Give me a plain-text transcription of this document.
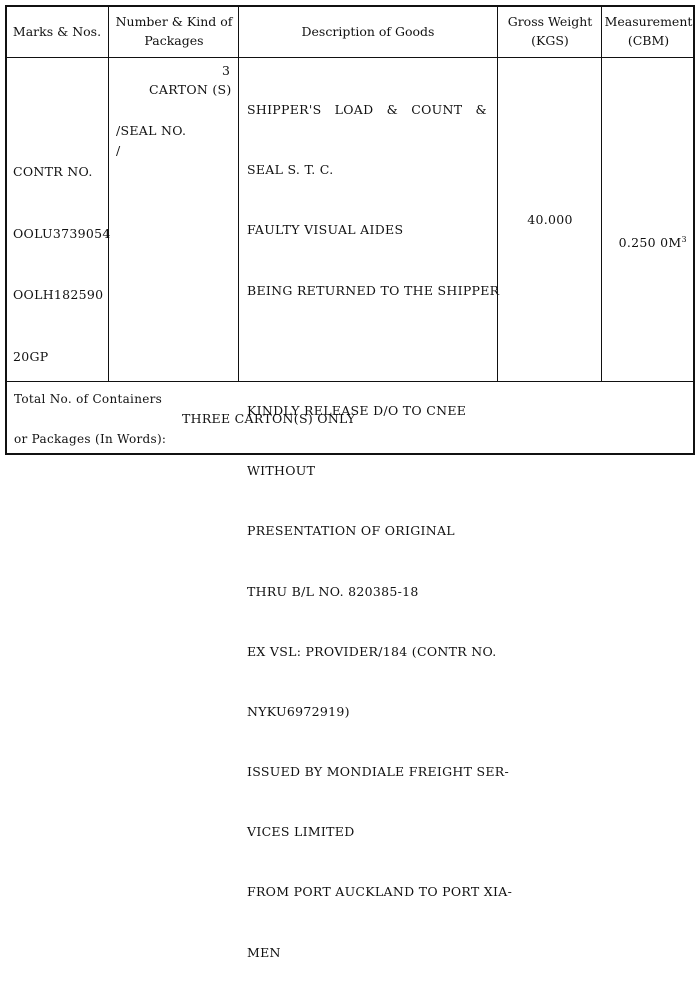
Marks & Nos.
Number & Kind of
Packages
Description of Goods
Gross Weight
(KGS)
Measurement
(CBM)

CONTR NO.

OOLU3739054

OOLH182590

20GP

3
CARTON (S)
/SEAL NO.
/

SHIPPER'S LOAD & COUNT &

SEAL S. T. C.

FAULTY VISUAL AIDES

BEING RETURNED TO THE SHIPPER

KINDLY RELEASE D/O TO CNEE

WITHOUT

PRESENTATION OF ORIGINAL

THRU B/L NO. 820385-18

EX VSL: PROVIDER/184 (CONTR NO.

NYKU6972919)

ISSUED BY MONDIALE FREIGHT SER-

VICES LIMITED

FROM PORT AUCKLAND TO PORT XIA-

MEN

40.000

0.250 $0M^3$

Total No. of Containers
THREE CARTON(S) ONLY
or Packages (In Words):
